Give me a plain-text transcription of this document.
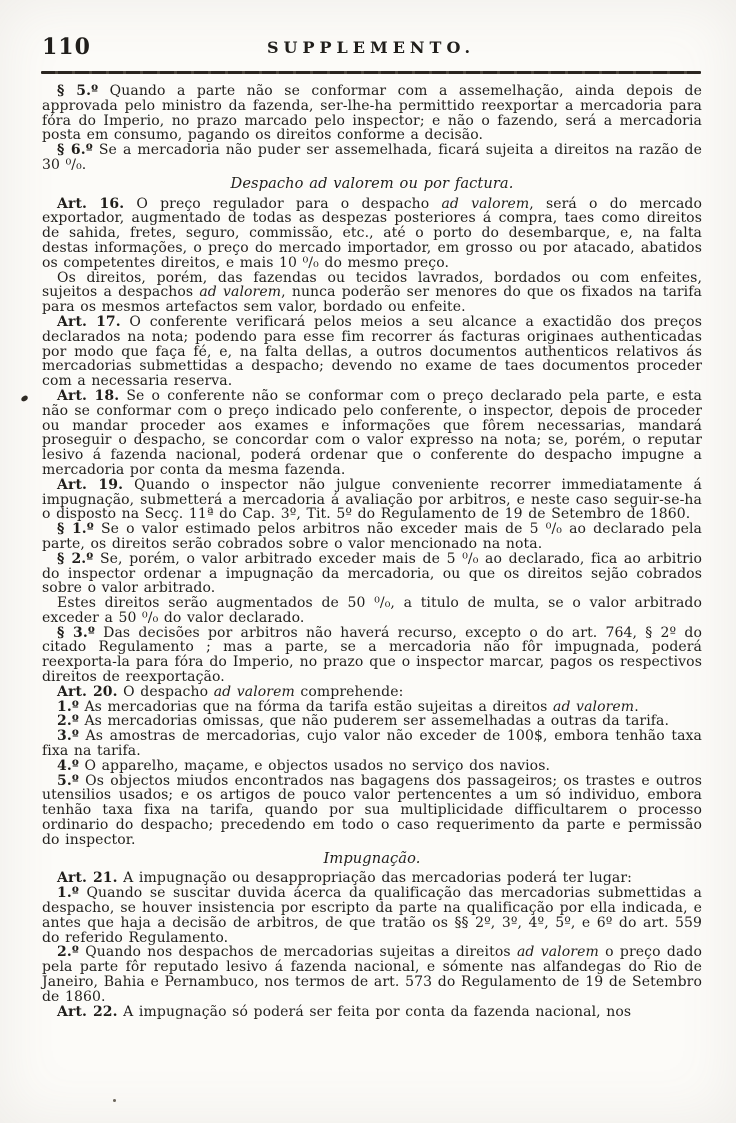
110	SUPPLEMENTO.

§ 5.º Quando a parte não se conformar com a assemelhação, ainda depois de approvada pelo ministro da fazenda, ser-lhe-ha permittido reexportar a mercadoria para fóra do Imperio, no prazo marcado pelo inspector; e não o fazendo, será a mercadoria posta em consumo, pagando os direitos conforme a decisão.

§ 6.º Se a mercadoria não puder ser assemelhada, ficará sujeita a direitos na razão de 30 ⁰/₀.

Despacho ad valorem ou por factura.

Art. 16. O preço regulador para o despacho ad valorem, será o do mercado exportador, augmentado de todas as despezas posteriores á compra, taes como direitos de sahida, fretes, seguro, commissão, etc., até o porto do desembarque, e, na falta destas informações, o preço do mercado importador, em grosso ou por atacado, abatidos os competentes direitos, e mais 10 ⁰/₀ do mesmo preço.

Os direitos, porém, das fazendas ou tecidos lavrados, bordados ou com enfeites, sujeitos a despachos ad valorem, nunca poderão ser menores do que os fixados na tarifa para os mesmos artefactos sem valor, bordado ou enfeite.

Art. 17. O conferente verificará pelos meios a seu alcance a exactidão dos preços declarados na nota; podendo para esse fim recorrer ás facturas originaes authenticadas por modo que faça fé, e, na falta dellas, a outros documentos authenticos relativos ás mercadorias submettidas a despacho; devendo no exame de taes documentos proceder com a necessaria reserva.

Art. 18. Se o conferente não se conformar com o preço declarado pela parte, e esta não se conformar com o preço indicado pelo conferente, o inspector, depois de proceder ou mandar proceder aos exames e informações que fôrem necessarias, mandará proseguir o despacho, se concordar com o valor expresso na nota; se, porém, o reputar lesivo á fazenda nacional, poderá ordenar que o conferente do despacho impugne a mercadoria por conta da mesma fazenda.

Art. 19. Quando o inspector não julgue conveniente recorrer immediatamente á impugnação, submetterá a mercadoria á avaliação por arbitros, e neste caso seguir-se-ha o disposto na Secç. 11ª do Cap. 3º, Tit. 5º do Regulamento de 19 de Setembro de 1860.

§ 1.º Se o valor estimado pelos arbitros não exceder mais de 5 ⁰/₀ ao declarado pela parte, os direitos serão cobrados sobre o valor mencionado na nota.

§ 2.º Se, porém, o valor arbitrado exceder mais de 5 ⁰/₀ ao declarado, fica ao arbitrio do inspector ordenar a impugnação da mercadoria, ou que os direitos sejão cobrados sobre o valor arbitrado.

Estes direitos serão augmentados de 50 ⁰/₀, a titulo de multa, se o valor arbitrado exceder a 50 ⁰/₀ do valor declarado.

§ 3.º Das decisões por arbitros não haverá recurso, excepto o do art. 764, § 2º do citado Regulamento ; mas a parte, se a mercadoria não fôr impugnada, poderá reexporta-la para fóra do Imperio, no prazo que o inspector marcar, pagos os respectivos direitos de reexportação.

Art. 20. O despacho ad valorem comprehende:

1.º As mercadorias que na fórma da tarifa estão sujeitas a direitos ad valorem.

2.º As mercadorias omissas, que não puderem ser assemelhadas a outras da tarifa.

3.º As amostras de mercadorias, cujo valor não exceder de 100$, embora tenhão taxa fixa na tarifa.

4.º O apparelho, maçame, e objectos usados no serviço dos navios.

5.º Os objectos miudos encontrados nas bagagens dos passageiros; os trastes e outros utensilios usados; e os artigos de pouco valor pertencentes a um só individuo, embora tenhão taxa fixa na tarifa, quando por sua multiplicidade difficultarem o processo ordinario do despacho; precedendo em todo o caso requerimento da parte e permissão do inspector.

Impugnação.

Art. 21. A impugnação ou desappropriação das mercadorias poderá ter lugar:

1.º Quando se suscitar duvida ácerca da qualificação das mercadorias submettidas a despacho, se houver insistencia por escripto da parte na qualificação por ella indicada, e antes que haja a decisão de arbitros, de que tratão os §§ 2º, 3º, 4º, 5º, e 6º do art. 559 do referido Regulamento.

2.º Quando nos despachos de mercadorias sujeitas a direitos ad valorem o preço dado pela parte fôr reputado lesivo á fazenda nacional, e sómente nas alfandegas do Rio de Janeiro, Bahia e Pernambuco, nos termos de art. 573 do Regulamento de 19 de Setembro de 1860.

Art. 22. A impugnação só poderá ser feita por conta da fazenda nacional, nos
